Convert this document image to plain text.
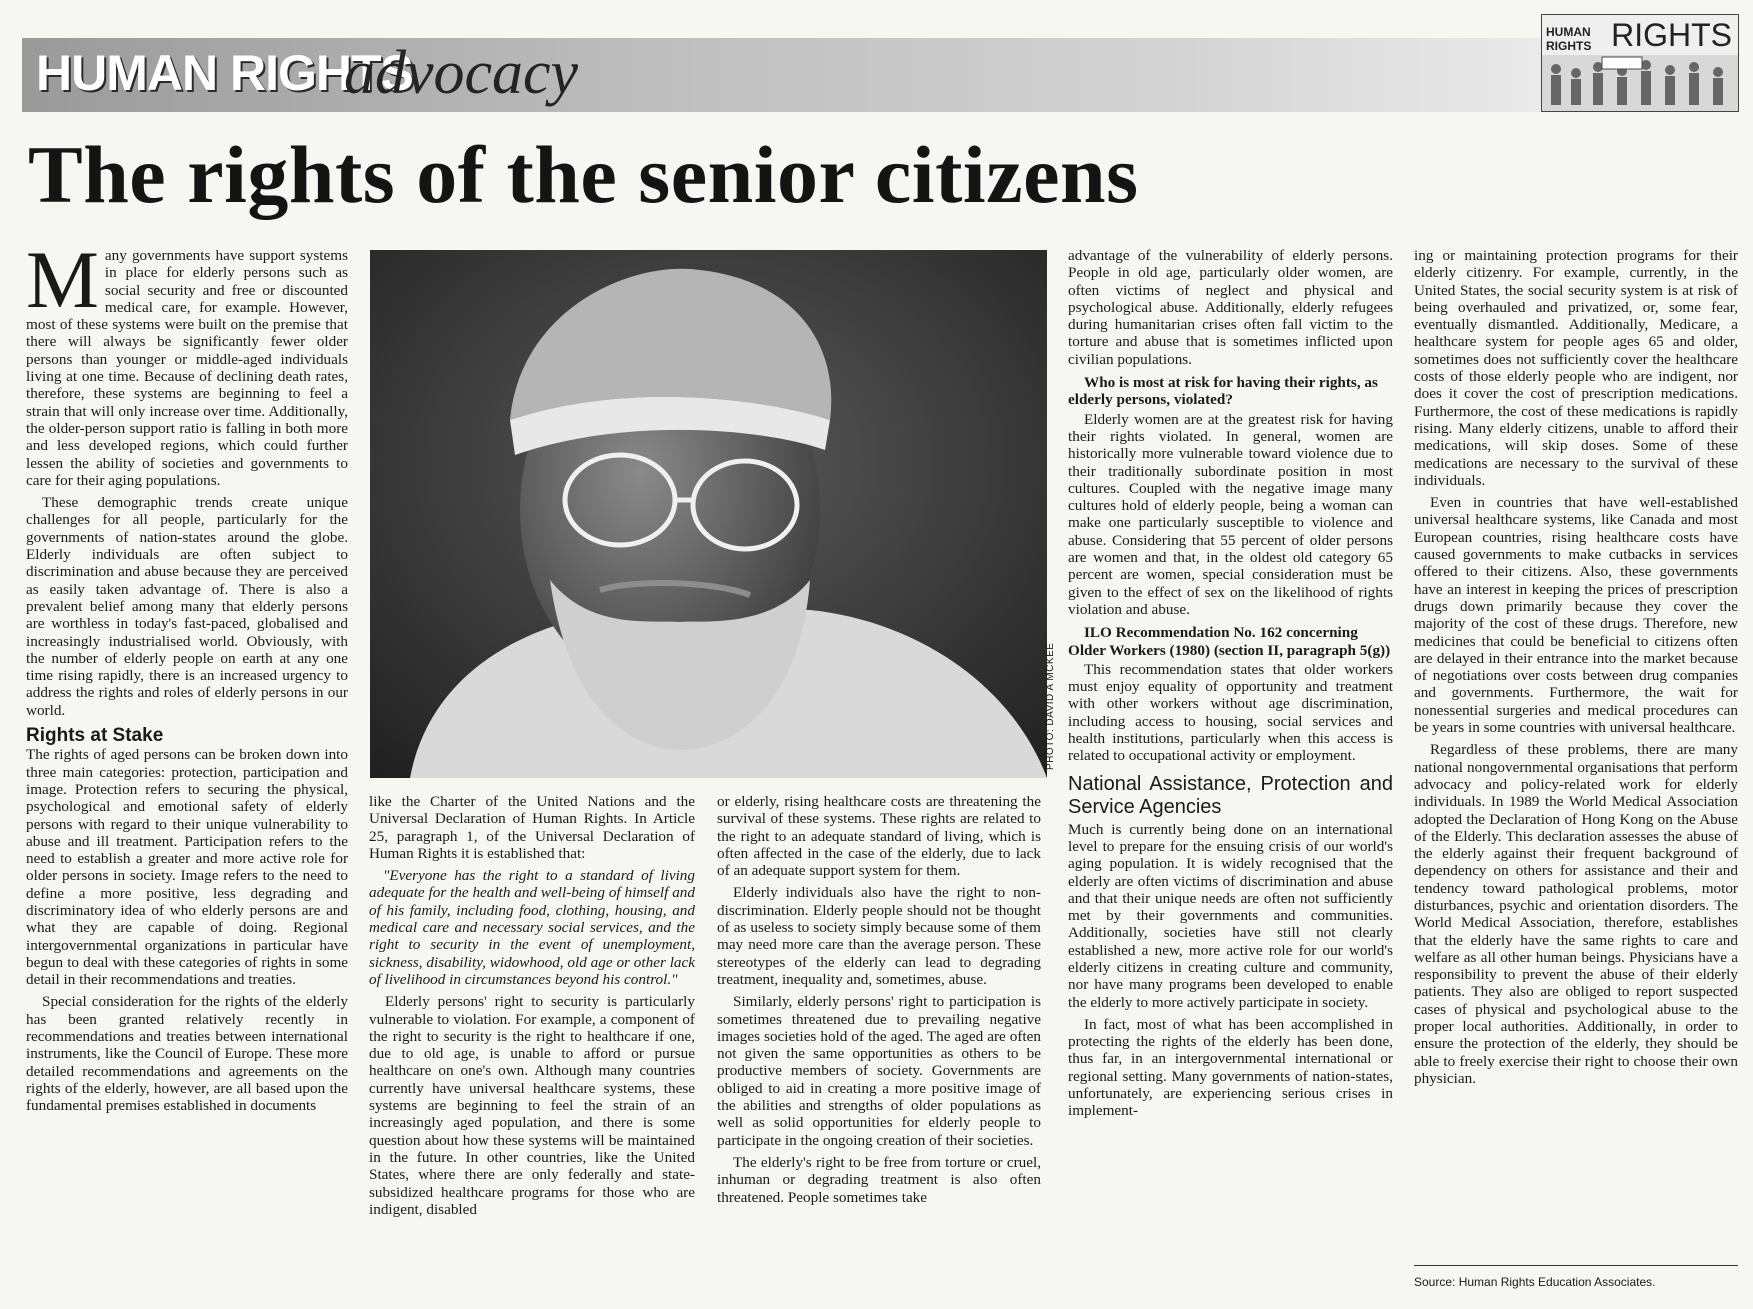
HUMAN RIGHTS
advocacy
HUMAN RIGHTS RIGHTS
The rights of the senior citizens

Many governments have support systems in place for elderly persons such as social security and free or discounted medical care, for example. However, most of these systems were built on the premise that there will always be significantly fewer older persons than younger or middle-aged individuals living at one time. Because of declining death rates, therefore, these systems are beginning to feel a strain that will only increase over time. Additionally, the older-person support ratio is falling in both more and less developed regions, which could further lessen the ability of societies and governments to care for their aging populations.

These demographic trends create unique challenges for all people, particularly for the governments of nation-states around the globe. Elderly individuals are often subject to discrimination and abuse because they are perceived as easily taken advantage of. There is also a prevalent belief among many that elderly persons are worthless in today's fast-paced, globalised and increasingly industrialised world. Obviously, with the number of elderly people on earth at any one time rising rapidly, there is an increased urgency to address the rights and roles of elderly persons in our world.

Rights at Stake

The rights of aged persons can be broken down into three main categories: protection, participation and image. Protection refers to securing the physical, psychological and emotional safety of elderly persons with regard to their unique vulnerability to abuse and ill treatment. Participation refers to the need to establish a greater and more active role for older persons in society. Image refers to the need to define a more positive, less degrading and discriminatory idea of who elderly persons are and what they are capable of doing. Regional intergovernmental organizations in particular have begun to deal with these categories of rights in some detail in their recommendations and treaties.

Special consideration for the rights of the elderly has been granted relatively recently in recommendations and treaties between international instruments, like the Council of Europe. These more detailed recommendations and agreements on the rights of the elderly, however, are all based upon the fundamental premises established in documents

PHOTO: DAVID A MCKEE

like the Charter of the United Nations and the Universal Declaration of Human Rights. In Article 25, paragraph 1, of the Universal Declaration of Human Rights it is established that:

"Everyone has the right to a standard of living adequate for the health and well-being of himself and of his family, including food, clothing, housing, and medical care and necessary social services, and the right to security in the event of unemployment, sickness, disability, widowhood, old age or other lack of livelihood in circumstances beyond his control."

Elderly persons' right to security is particularly vulnerable to violation. For example, a component of the right to security is the right to healthcare if one, due to old age, is unable to afford or pursue healthcare on one's own. Although many countries currently have universal healthcare systems, these systems are beginning to feel the strain of an increasingly aged population, and there is some question about how these systems will be maintained in the future. In other countries, like the United States, where there are only federally and state-subsidized healthcare programs for those who are indigent, disabled

or elderly, rising healthcare costs are threatening the survival of these systems. These rights are related to the right to an adequate standard of living, which is often affected in the case of the elderly, due to lack of an adequate support system for them.

Elderly individuals also have the right to non-discrimination. Elderly people should not be thought of as useless to society simply because some of them may need more care than the average person. These stereotypes of the elderly can lead to degrading treatment, inequality and, sometimes, abuse.

Similarly, elderly persons' right to participation is sometimes threatened due to prevailing negative images societies hold of the aged. The aged are often not given the same opportunities as others to be productive members of society. Governments are obliged to aid in creating a more positive image of the abilities and strengths of older populations as well as solid opportunities for elderly people to participate in the ongoing creation of their societies.

The elderly's right to be free from torture or cruel, inhuman or degrading treatment is also often threatened. People sometimes take

advantage of the vulnerability of elderly persons. People in old age, particularly older women, are often victims of neglect and physical and psychological abuse. Additionally, elderly refugees during humanitarian crises often fall victim to the torture and abuse that is sometimes inflicted upon civilian populations.

Who is most at risk for having their rights, as elderly persons, violated?

Elderly women are at the greatest risk for having their rights violated. In general, women are historically more vulnerable toward violence due to their traditionally subordinate position in most cultures. Coupled with the negative image many cultures hold of elderly people, being a woman can make one particularly susceptible to violence and abuse. Considering that 55 percent of older persons are women and that, in the oldest old category 65 percent are women, special consideration must be given to the effect of sex on the likelihood of rights violation and abuse.

ILO Recommendation No. 162 concerning Older Workers (1980) (section II, paragraph 5(g))

This recommendation states that older workers must enjoy equality of opportunity and treatment with other workers without age discrimination, including access to housing, social services and health institutions, particularly when this access is related to occupational activity or employment.

National Assistance, Protection and Service Agencies

Much is currently being done on an international level to prepare for the ensuing crisis of our world's aging population. It is widely recognised that the elderly are often victims of discrimination and abuse and that their unique needs are often not sufficiently met by their governments and communities. Additionally, societies have still not clearly established a new, more active role for our world's elderly citizens in creating culture and community, nor have many programs been developed to enable the elderly to more actively participate in society.

In fact, most of what has been accomplished in protecting the rights of the elderly has been done, thus far, in an intergovernmental international or regional setting. Many governments of nation-states, unfortunately, are experiencing serious crises in implement-

ing or maintaining protection programs for their elderly citizenry. For example, currently, in the United States, the social security system is at risk of being overhauled and privatized, or, some fear, eventually dismantled. Additionally, Medicare, a healthcare system for people ages 65 and older, sometimes does not sufficiently cover the healthcare costs of those elderly people who are indigent, nor does it cover the cost of prescription medications. Furthermore, the cost of these medications is rapidly rising. Many elderly citizens, unable to afford their medications, will skip doses. Some of these medications are necessary to the survival of these individuals.

Even in countries that have well-established universal healthcare systems, like Canada and most European countries, rising healthcare costs have caused governments to make cutbacks in services offered to their citizens. Also, these governments have an interest in keeping the prices of prescription drugs down primarily because they cover the majority of the cost of these drugs. Therefore, new medicines that could be beneficial to citizens often are delayed in their entrance into the market because of negotiations over costs between drug companies and governments. Furthermore, the wait for nonessential surgeries and medical procedures can be years in some countries with universal healthcare.

Regardless of these problems, there are many national nongovernmental organisations that perform advocacy and policy-related work for elderly individuals. In 1989 the World Medical Association adopted the Declaration of Hong Kong on the Abuse of the Elderly. This declaration assesses the abuse of the elderly against their frequent background of dependency on others for assistance and their and tendency toward pathological problems, motor disturbances, psychic and orientation disorders. The World Medical Association, therefore, establishes that the elderly have the same rights to care and welfare as all other human beings. Physicians have a responsibility to prevent the abuse of their elderly patients. They also are obliged to report suspected cases of physical and psychological abuse to the proper local authorities. Additionally, in order to ensure the protection of the elderly, they should be able to freely exercise their right to choose their own physician.

Source: Human Rights Education Associates.
